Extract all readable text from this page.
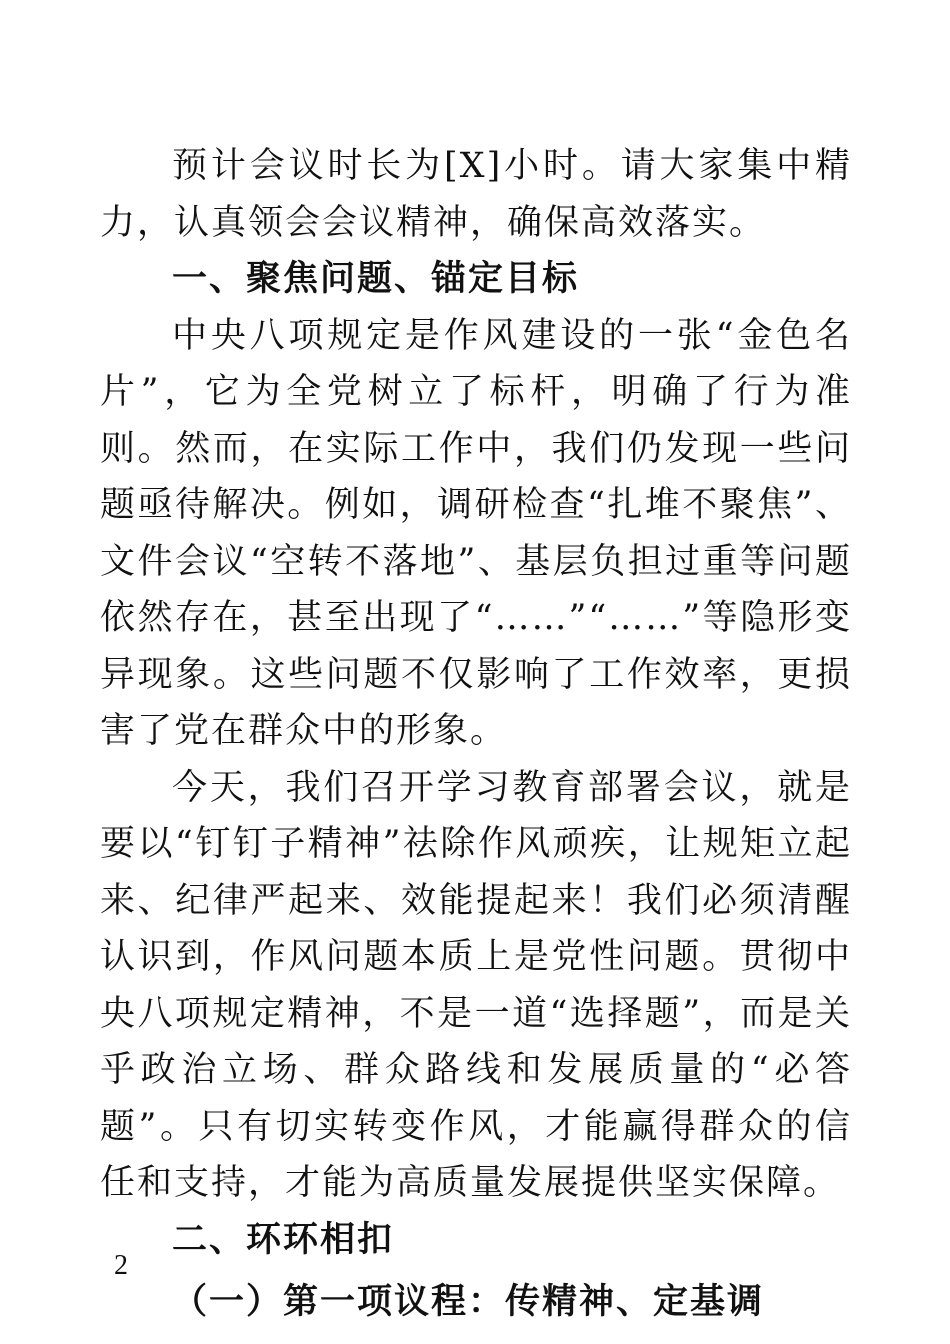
预计会议时长为[X]小时。请大家集中精力，认真领会会议精神，确保高效落实。

一、聚焦问题、锚定目标

中央八项规定是作风建设的一张“金色名片”，它为全党树立了标杆，明确了行为准则。然而，在实际工作中，我们仍发现一些问题亟待解决。例如，调研检查“扎堆不聚焦”、文件会议“空转不落地”、基层负担过重等问题依然存在，甚至出现了“……”“……”等隐形变异现象。这些问题不仅影响了工作效率，更损害了党在群众中的形象。

今天，我们召开学习教育部署会议，就是要以“钉钉子精神”祛除作风顽疾，让规矩立起来、纪律严起来、效能提起来！我们必须清醒认识到，作风问题本质上是党性问题。贯彻中央八项规定精神，不是一道“选择题”，而是关乎政治立场、群众路线和发展质量的“必答题”。只有切实转变作风，才能赢得群众的信任和支持，才能为高质量发展提供坚实保障。

二、环环相扣

（一）第一项议程：传精神、定基调

2
